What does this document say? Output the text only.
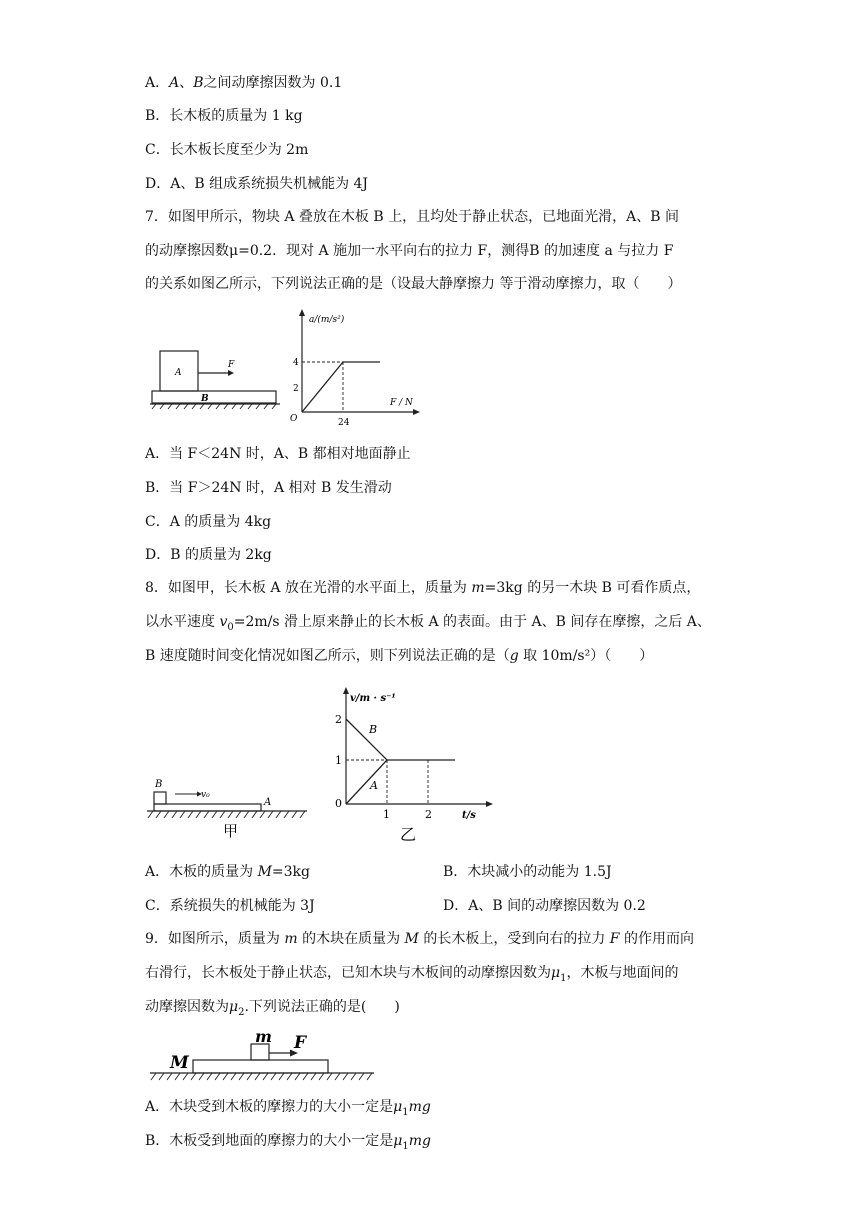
A．A、B之间动摩擦因数为 0.1
B．长木板的质量为 1 kg
C．长木板长度至少为 2m
D．A、B 组成系统损失机械能为 4J
7．如图甲所示，物块 A 叠放在木板 B 上，且均处于静止状态，已地面光滑，A、B 间
的动摩擦因数μ=0.2．现对 A 施加一水平向右的拉力 F，测得B 的加速度 a 与拉力 F
的关系如图乙所示，下列说法正确的是（设最大静摩擦力 等于滑动摩擦力，取（　　）
A
F
B
a/(m/s²)
F / N
O
4
2
24
A．当 F＜24N 时，A、B 都相对地面静止
B．当 F＞24N 时，A 相对 B 发生滑动
C．A 的质量为 4kg
D．B 的质量为 2kg
8．如图甲，长木板 A 放在光滑的水平面上，质量为 m=3kg 的另一木块 B 可看作质点，
以水平速度 $v_0=2m/s$ 滑上原来静止的长木板 A 的表面。由于 A、B 间存在摩擦，之后 A、
B 速度随时间变化情况如图乙所示，则下列说法正确的是（g 取 10m/s²）（　　）
B
v₀
A
甲
v/m · s⁻¹
2
1
0
1	2	t/s
B
A
乙
A．木板的质量为 M=3kg	B．木块减小的动能为 1.5J
C．系统损失的机械能为 3J	D．A、B 间的动摩擦因数为 0.2
9．如图所示，质量为 m 的木块在质量为 M 的长木板上，受到向右的拉力 F 的作用而向
右滑行，长木板处于静止状态，已知木块与木板间的动摩擦因数为$\mu_1$，木板与地面间的
动摩擦因数为$\mu_2$.下列说法正确的是(　　)
M
m F
A．木块受到木板的摩擦力的大小一定是$\mu_1mg$
B．木板受到地面的摩擦力的大小一定是$\mu_1mg$
